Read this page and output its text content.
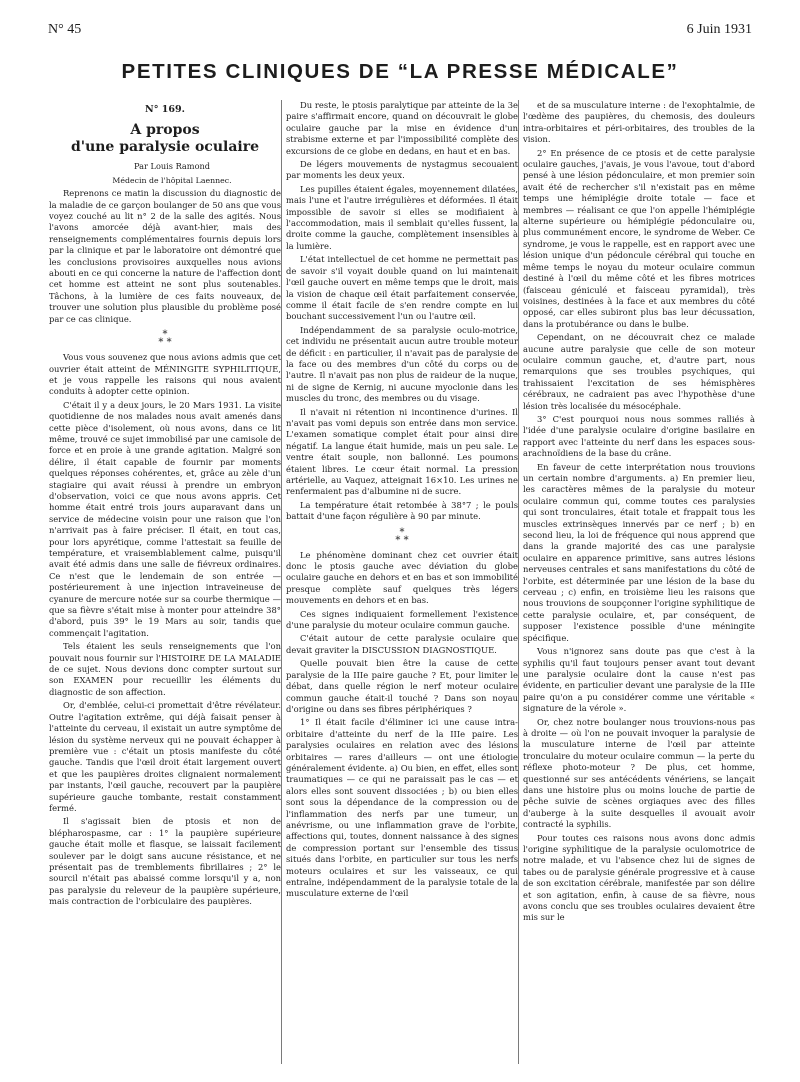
N° 45	6 Juin 1931
PETITES CLINIQUES DE “LA PRESSE MÉDICALE”
N° 169.
A propos
d'une paralysie oculaire

Par Louis Ramond

Médecin de l'hôpital Laennec.

Reprenons ce matin la discussion du diagnostic de la maladie de ce garçon boulanger de 50 ans que vous voyez couché au lit n° 2 de la salle des agités. Nous l'avons amorcée déjà avant-hier, mais des renseignements complémentaires fournis depuis lors par la clinique et par le laboratoire ont démontré que les conclusions provisoires auxquelles nous avions abouti en ce qui concerne la nature de l'affection dont cet homme est atteint ne sont plus soutenables. Tâchons, à la lumière de ces faits nouveaux, de trouver une solution plus plausible du problème posé par ce cas clinique.

*
* *

Vous vous souvenez que nous avions admis que cet ouvrier était atteint de MÉNINGITE SYPHILITIQUE, et je vous rappelle les raisons qui nous avaient conduits à adopter cette opinion.

C'était il y a deux jours, le 20 Mars 1931. La visite quotidienne de nos malades nous avait amenés dans cette pièce d'isolement, où nous avons, dans ce lit même, trouvé ce sujet immobilisé par une camisole de force et en proie à une grande agitation. Malgré son délire, il était capable de fournir par moments quelques réponses cohérentes, et, grâce au zèle d'un stagiaire qui avait réussi à prendre un embryon d'observation, voici ce que nous avons appris. Cet homme était entré trois jours auparavant dans un service de médecine voisin pour une raison que l'on n'arrivait pas à faire préciser. Il était, en tout cas, pour lors apyrétique, comme l'attestait sa feuille de température, et vraisemblablement calme, puisqu'il avait été admis dans une salle de fiévreux ordinaires. Ce n'est que le lendemain de son entrée — postérieurement à une injection intraveineuse de cyanure de mercure notée sur sa courbe thermique — que sa fièvre s'était mise à monter pour atteindre 38° d'abord, puis 39° le 19 Mars au soir, tandis que commençait l'agitation.

Tels étaient les seuls renseignements que l'on pouvait nous fournir sur l'HISTOIRE DE LA MALADIE de ce sujet. Nous devions donc compter surtout sur son EXAMEN pour recueillir les éléments du diagnostic de son affection.

Or, d'emblée, celui-ci promettait d'être révélateur. Outre l'agitation extrême, qui déjà faisait penser à l'atteinte du cerveau, il existait un autre symptôme de lésion du système nerveux qui ne pouvait échapper à première vue : c'était un ptosis manifeste du côté gauche. Tandis que l'œil droit était largement ouvert et que les paupières droites clignaient normalement par instants, l'œil gauche, recouvert par la paupière supérieure gauche tombante, restait constamment fermé.

Il s'agissait bien de ptosis et non de blépharospasme, car : 1° la paupière supérieure gauche était molle et flasque, se laissait facilement soulever par le doigt sans aucune résistance, et ne présentait pas de tremblements fibrillaires ; 2° le sourcil n'était pas abaissé comme lorsqu'il y a, non pas paralysie du releveur de la paupière supérieure, mais contraction de l'orbiculaire des paupières.

Du reste, le ptosis paralytique par atteinte de la 3e paire s'affirmait encore, quand on découvrait le globe oculaire gauche par la mise en évidence d'un strabisme externe et par l'impossibilité complète des excursions de ce globe en dedans, en haut et en bas.

De légers mouvements de nystagmus secouaient par moments les deux yeux.

Les pupilles étaient égales, moyennement dilatées, mais l'une et l'autre irrégulières et déformées. Il était impossible de savoir si elles se modifiaient à l'accommodation, mais il semblait qu'elles fussent, la droite comme la gauche, complètement insensibles à la lumière.

L'état intellectuel de cet homme ne permettait pas de savoir s'il voyait double quand on lui maintenait l'œil gauche ouvert en même temps que le droit, mais la vision de chaque œil était parfaitement conservée, comme il était facile de s'en rendre compte en lui bouchant successivement l'un ou l'autre œil.

Indépendamment de sa paralysie oculo-motrice, cet individu ne présentait aucun autre trouble moteur de déficit : en particulier, il n'avait pas de paralysie de la face ou des membres d'un côté du corps ou de l'autre. Il n'avait pas non plus de raideur de la nuque, ni de signe de Kernig, ni aucune myoclonie dans les muscles du tronc, des membres ou du visage.

Il n'avait ni rétention ni incontinence d'urines. Il n'avait pas vomi depuis son entrée dans mon service. L'examen somatique complet était pour ainsi dire négatif. La langue était humide, mais un peu sale. Le ventre était souple, non ballonné. Les poumons étaient libres. Le cœur était normal. La pression artérielle, au Vaquez, atteignait 16×10. Les urines ne renfermaient pas d'albumine ni de sucre.

La température était retombée à 38°7 ; le pouls battait d'une façon régulière à 90 par minute.

*
* *

Le phénomène dominant chez cet ouvrier était donc le ptosis gauche avec déviation du globe oculaire gauche en dehors et en bas et son immobilité presque complète sauf quelques très légers mouvements en dehors et en bas.

Ces signes indiquaient formellement l'existence d'une paralysie du moteur oculaire commun gauche.

C'était autour de cette paralysie oculaire que devait graviter la DISCUSSION DIAGNOSTIQUE.

Quelle pouvait bien être la cause de cette paralysie de la IIIe paire gauche ? Et, pour limiter le débat, dans quelle région le nerf moteur oculaire commun gauche était-il touché ? Dans son noyau d'origine ou dans ses fibres périphériques ?

1° Il était facile d'éliminer ici une cause intra-orbitaire d'atteinte du nerf de la IIIe paire. Les paralysies oculaires en relation avec des lésions orbitaires — rares d'ailleurs — ont une étiologie généralement évidente. a) Ou bien, en effet, elles sont traumatiques — ce qui ne paraissait pas le cas — et alors elles sont souvent dissociées ; b) ou bien elles sont sous la dépendance de la compression ou de l'inflammation des nerfs par une tumeur, un anévrisme, ou une inflammation grave de l'orbite, affections qui, toutes, donnent naissance à des signes de compression portant sur l'ensemble des tissus situés dans l'orbite, en particulier sur tous les nerfs moteurs oculaires et sur les vaisseaux, ce qui entraîne, indépendamment de la paralysie totale de la musculature externe de l'œil

et de sa musculature interne : de l'exophtalmie, de l'œdème des paupières, du chemosis, des douleurs intra-orbitaires et péri-orbitaires, des troubles de la vision.

2° En présence de ce ptosis et de cette paralysie oculaire gauches, j'avais, je vous l'avoue, tout d'abord pensé à une lésion pédonculaire, et mon premier soin avait été de rechercher s'il n'existait pas en même temps une hémiplégie droite totale — face et membres — réalisant ce que l'on appelle l'hémiplégie alterne supérieure ou hémiplégie pédonculaire ou, plus communément encore, le syndrome de Weber. Ce syndrome, je vous le rappelle, est en rapport avec une lésion unique d'un pédoncule cérébral qui touche en même temps le noyau du moteur oculaire commun destiné à l'œil du même côté et les fibres motrices (faisceau géniculé et faisceau pyramidal), très voisines, destinées à la face et aux membres du côté opposé, car elles subiront plus bas leur décussation, dans la protubérance ou dans le bulbe.

Cependant, on ne découvrait chez ce malade aucune autre paralysie que celle de son moteur oculaire commun gauche, et, d'autre part, nous remarquions que ses troubles psychiques, qui trahissaient l'excitation de ses hémisphères cérébraux, ne cadraient pas avec l'hypothèse d'une lésion très localisée du mésocéphale.

3° C'est pourquoi nous nous sommes ralliés à l'idée d'une paralysie oculaire d'origine basilaire en rapport avec l'atteinte du nerf dans les espaces sous-arachnoïdiens de la base du crâne.

En faveur de cette interprétation nous trouvions un certain nombre d'arguments. a) En premier lieu, les caractères mêmes de la paralysie du moteur oculaire commun qui, comme toutes ces paralysies qui sont tronculaires, était totale et frappait tous les muscles extrinsèques innervés par ce nerf ; b) en second lieu, la loi de fréquence qui nous apprend que dans la grande majorité des cas une paralysie oculaire en apparence primitive, sans autres lésions nerveuses centrales et sans manifestations du côté de l'orbite, est déterminée par une lésion de la base du cerveau ; c) enfin, en troisième lieu les raisons que nous trouvions de soupçonner l'origine syphilitique de cette paralysie oculaire, et, par conséquent, de supposer l'existence possible d'une méningite spécifique.

Vous n'ignorez sans doute pas que c'est à la syphilis qu'il faut toujours penser avant tout devant une paralysie oculaire dont la cause n'est pas évidente, en particulier devant une paralysie de la IIIe paire qu'on a pu considérer comme une véritable « signature de la vérole ».

Or, chez notre boulanger nous trouvions-nous pas à droite — où l'on ne pouvait invoquer la paralysie de la musculature interne de l'œil par atteinte tronculaire du moteur oculaire commun — la perte du réflexe photo-moteur ? De plus, cet homme, questionné sur ses antécédents vénériens, se lançait dans une histoire plus ou moins louche de partie de pêche suivie de scènes orgiaques avec des filles d'auberge à la suite desquelles il avouait avoir contracté la syphilis.

Pour toutes ces raisons nous avons donc admis l'origine syphilitique de la paralysie oculomotrice de notre malade, et vu l'absence chez lui de signes de tabes ou de paralysie générale progressive et à cause de son excitation cérébrale, manifestée par son délire et son agitation, enfin, à cause de sa fièvre, nous avons conclu que ses troubles oculaires devaient être mis sur le
